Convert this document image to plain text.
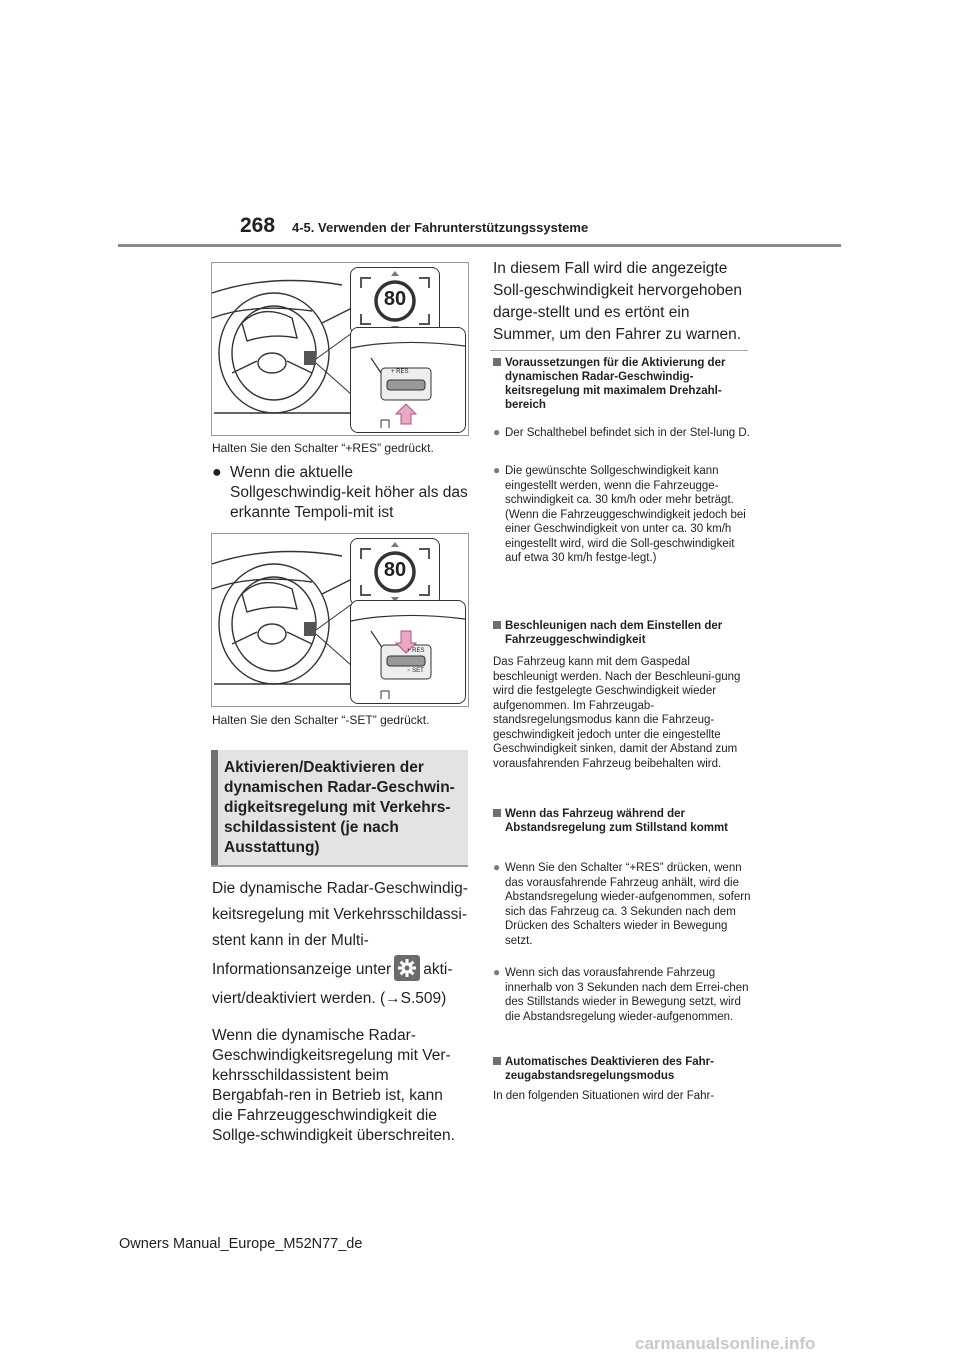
268 4-5. Verwenden der Fahrunterstützungssysteme
80
+ RES
Halten Sie den Schalter “+RES” gedrückt.
● Wenn die aktuelle Sollgeschwindig-keit höher als das erkannte Tempoli-mit ist
80
+ RES
− SET
Halten Sie den Schalter “-SET” gedrückt.
Aktivieren/Deaktivieren der
dynamischen Radar-Geschwin-
digkeitsregelung mit Verkehrs-
schildassistent (je nach
Ausstattung)
Die dynamische Radar-Geschwindig-
keitsregelung mit Verkehrsschildassi-
stent kann in der Multi-
Informationsanzeige unter akti-
viert/deaktiviert werden. (→S.509)
Wenn die dynamische Radar-Geschwindigkeitsregelung mit Ver-kehrsschildassistent beim Bergabfah-ren in Betrieb ist, kann die Fahrzeuggeschwindigkeit die Sollge-schwindigkeit überschreiten.
In diesem Fall wird die angezeigte Soll-geschwindigkeit hervorgehoben darge-stellt und es ertönt ein Summer, um den Fahrer zu warnen.
Voraussetzungen für die Aktivierung der dynamischen Radar-Geschwindig-keitsregelung mit maximalem Drehzahl-bereich
● Der Schalthebel befindet sich in der Stel-lung D.
● Die gewünschte Sollgeschwindigkeit kann eingestellt werden, wenn die Fahrzeugge-schwindigkeit ca. 30 km/h oder mehr beträgt. (Wenn die Fahrzeuggeschwindigkeit jedoch bei einer Geschwindigkeit von unter ca. 30 km/h eingestellt wird, wird die Soll-geschwindigkeit auf etwa 30 km/h festge-legt.)
Beschleunigen nach dem Einstellen der Fahrzeuggeschwindigkeit
Das Fahrzeug kann mit dem Gaspedal beschleunigt werden. Nach der Beschleuni-gung wird die festgelegte Geschwindigkeit wieder aufgenommen. Im Fahrzeugab-standsregelungsmodus kann die Fahrzeug-geschwindigkeit jedoch unter die eingestellte Geschwindigkeit sinken, damit der Abstand zum vorausfahrenden Fahrzeug beibehalten wird.
Wenn das Fahrzeug während der Abstandsregelung zum Stillstand kommt
● Wenn Sie den Schalter “+RES” drücken, wenn das vorausfahrende Fahrzeug anhält, wird die Abstandsregelung wieder-aufgenommen, sofern sich das Fahrzeug ca. 3 Sekunden nach dem Drücken des Schalters wieder in Bewegung setzt.
● Wenn sich das vorausfahrende Fahrzeug innerhalb von 3 Sekunden nach dem Errei-chen des Stillstands wieder in Bewegung setzt, wird die Abstandsregelung wieder-aufgenommen.
Automatisches Deaktivieren des Fahr-zeugabstandsregelungsmodus
In den folgenden Situationen wird der Fahr-
Owners Manual_Europe_M52N77_de
carmanualsonline.info
